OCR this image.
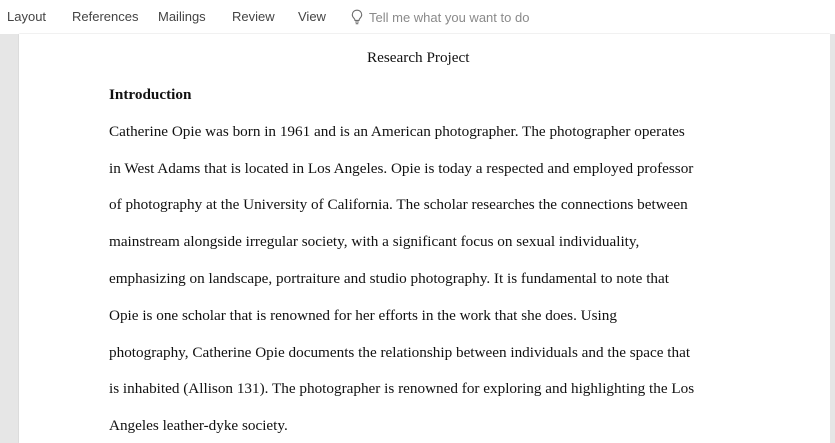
Layout References Mailings Review View	Tell me what you want to do
Research Project
Introduction
Catherine Opie was born in 1961 and is an American photographer. The photographer operates
in West Adams that is located in Los Angeles. Opie is today a respected and employed professor
of photography at the University of California. The scholar researches the connections between
mainstream alongside irregular society, with a significant focus on sexual individuality,
emphasizing on landscape, portraiture and studio photography. It is fundamental to note that
Opie is one scholar that is renowned for her efforts in the work that she does. Using
photography, Catherine Opie documents the relationship between individuals and the space that
is inhabited (Allison 131). The photographer is renowned for exploring and highlighting the Los
Angeles leather-dyke society.
